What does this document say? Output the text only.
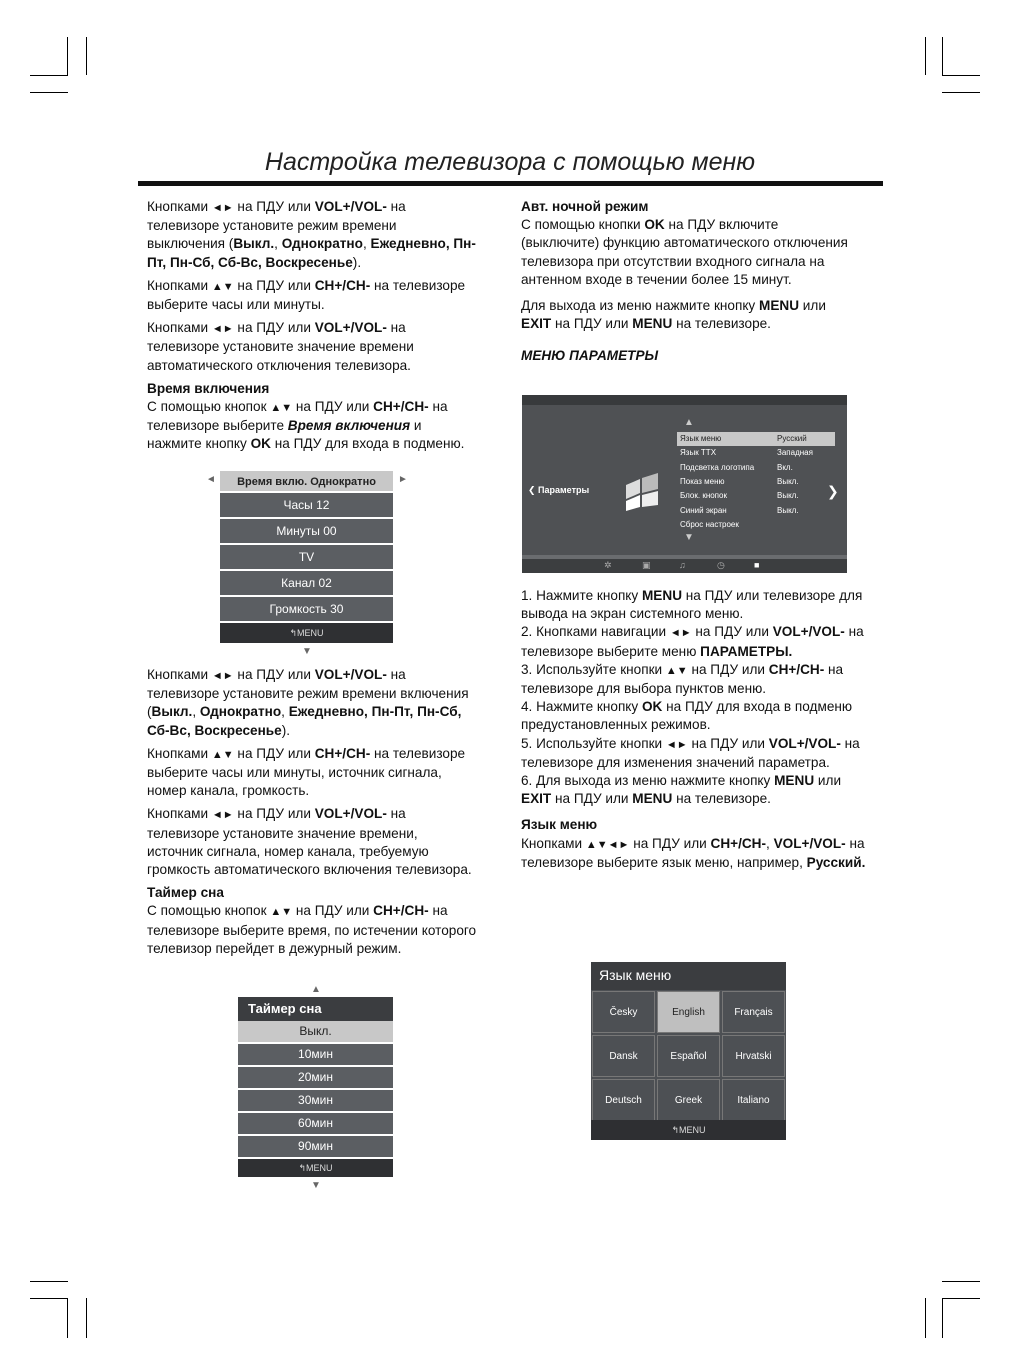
Настройка телевизора с помощью меню

Кнопками ◄► на ПДУ или VOL+/VOL- на телевизоре установите режим времени выключения (Выкл., Однократно, Ежедневно, Пн-Пт, Пн-Сб, Сб-Вс, Воскресенье).

Кнопками ▲▼ на ПДУ или CH+/CH- на телевизоре выберите часы или минуты.

Кнопками ◄► на ПДУ или VOL+/VOL- на телевизоре установите значение времени автоматического отключения телевизора.

Время включения

С помощью кнопок ▲▼ на ПДУ или CH+/CH- на телевизоре выберите Время включения и нажмите кнопку OK на ПДУ для входа в подменю.

Время вклю. Однократно
Часы 12
Минуты 00
TV
Канал 02
Громкость 30
↰MENU
◄	►
▼

Кнопками ◄► на ПДУ или VOL+/VOL- на телевизоре установите режим времени включения (Выкл., Однократно, Ежедневно, Пн-Пт, Пн-Сб, Сб-Вс, Воскресенье).

Кнопками ▲▼ на ПДУ или CH+/CH- на телевизоре выберите часы или минуты, источник сигнала, номер канала, громкость.

Кнопками ◄► на ПДУ или VOL+/VOL- на телевизоре установите значение времени, источник сигнала, номер канала, требуемую громкость автоматического включения телевизора.

Таймер сна

С помощью кнопок ▲▼ на ПДУ или CH+/CH- на телевизоре выберите время, по истечении которого телевизор перейдет в дежурный режим.

▲
Таймер сна
Выкл.
10мин
20мин
30мин
60мин
90мин
↰MENU
▼
Авт. ночной режим

С помощью кнопки OK на ПДУ включите (выключите) функцию автоматического отключения телевизора при отсутствии входного сигнала на антенном входе в течении более 15 минут.

Для выхода из меню нажмите кнопку MENU или EXIT на ПДУ или MENU на телевизоре.

МЕНЮ ПАРАМЕТРЫ
❮ Параметры
▲
Язык меню	Русский
Язык ТТХ	Западная
Подсветка логотипа	Вкл.
Показ меню	Выкл.
Блок. кнопок	Выкл.
Синий экран	Выкл.
Сброс настроек
▼
❯
✲	▣	♫	◷	■

1. Нажмите кнопку MENU на ПДУ или телевизоре для вывода на экран системного меню.

2. Кнопками навигации ◄► на ПДУ или VOL+/VOL- на телевизоре выберите меню ПАРАМЕТРЫ.

3. Используйте кнопки ▲▼ на ПДУ или CH+/CH- на телевизоре для выбора пунктов меню.

4. Нажмите кнопку OK на ПДУ для входа в подменю предустановленных режимов.

5. Используйте кнопки ◄► на ПДУ или VOL+/VOL- на телевизоре для изменения значений параметра.

6. Для выхода из меню нажмите кнопку MENU или EXIT на ПДУ или MENU на телевизоре.

Язык меню

Кнопками ▲▼◄► на ПДУ или CH+/CH-, VOL+/VOL- на телевизоре выберите язык меню, например, Русский.

Язык меню
Česky	English	Français
Dansk	Español	Hrvatski
Deutsch	Greek	Italiano
↰MENU
